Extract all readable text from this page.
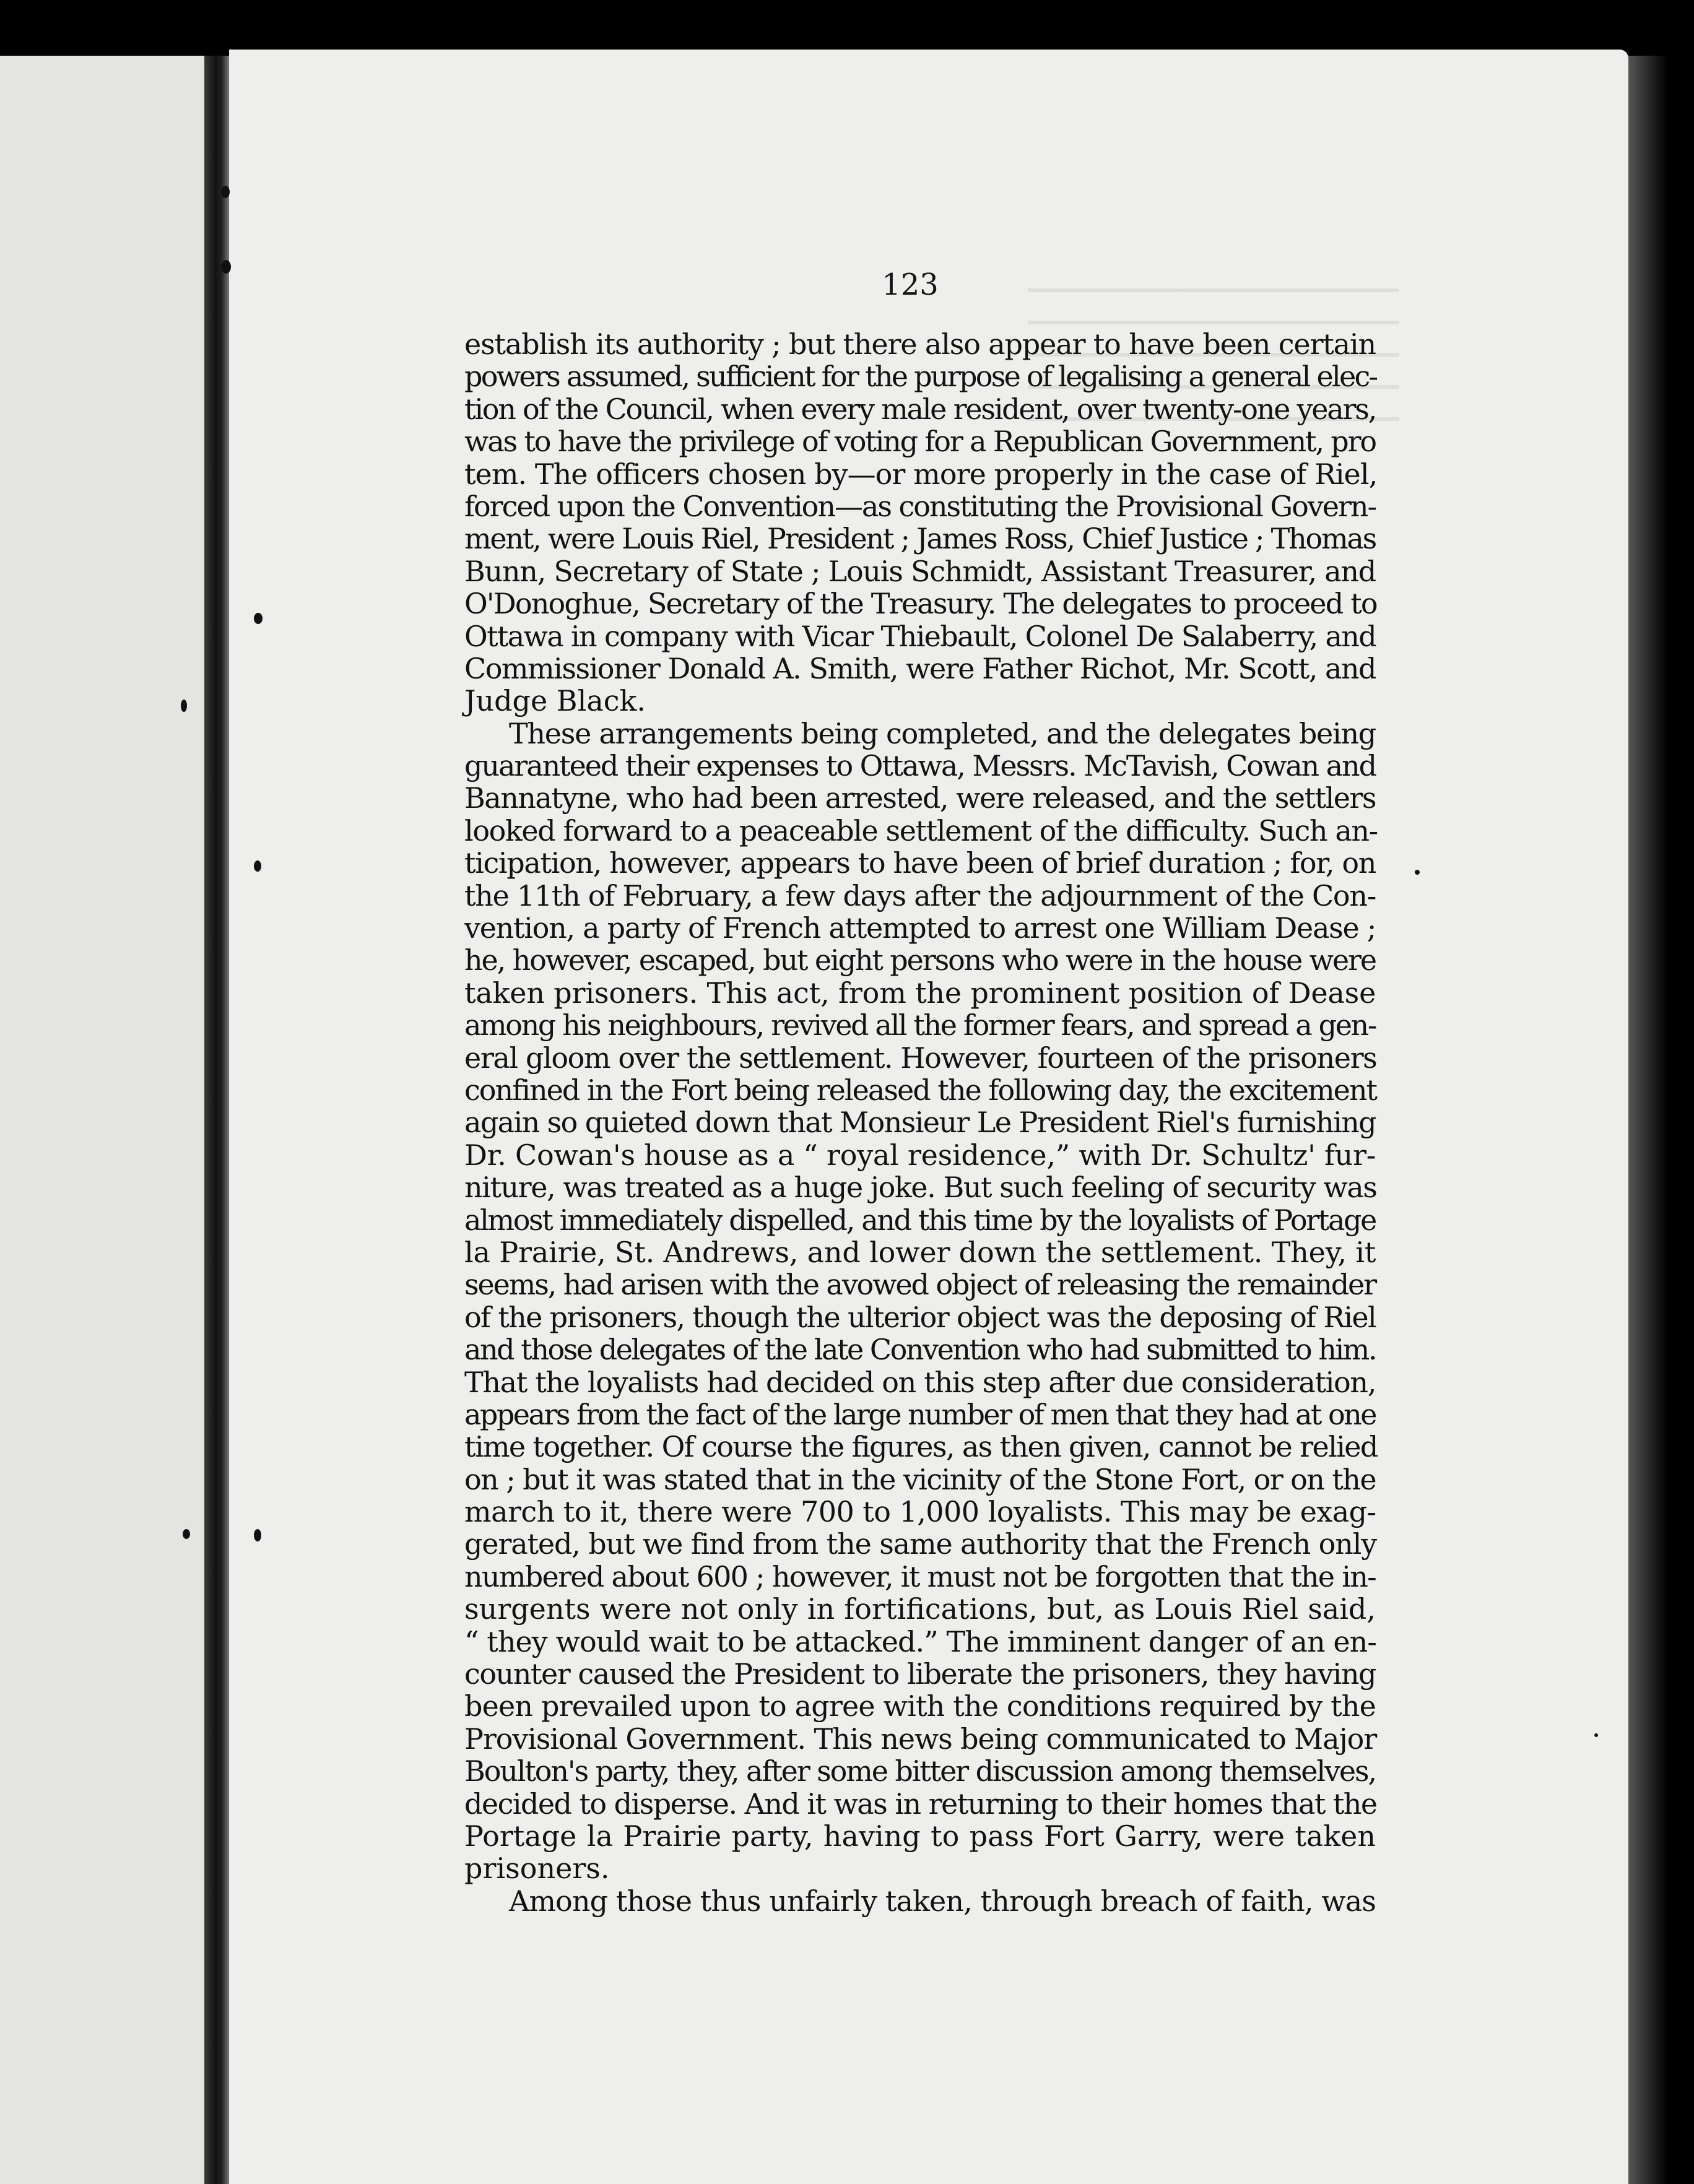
123

establish its authority ; but there also appear to have been certain
powers assumed, sufficient for the purpose of legalising a general elec-
tion of the Council, when every male resident, over twenty-one years,
was to have the privilege of voting for a Republican Government, pro
tem. The officers chosen by—or more properly in the case of Riel,
forced upon the Convention—as constituting the Provisional Govern-
ment, were Louis Riel, President ; James Ross, Chief Justice ; Thomas
Bunn, Secretary of State ; Louis Schmidt, Assistant Treasurer, and
O'Donoghue, Secretary of the Treasury. The delegates to proceed to
Ottawa in company with Vicar Thiebault, Colonel De Salaberry, and
Commissioner Donald A. Smith, were Father Richot, Mr. Scott, and
Judge Black.

These arrangements being completed, and the delegates being
guaranteed their expenses to Ottawa, Messrs. McTavish, Cowan and
Bannatyne, who had been arrested, were released, and the settlers
looked forward to a peaceable settlement of the difficulty. Such an-
ticipation, however, appears to have been of brief duration ; for, on
the 11th of February, a few days after the adjournment of the Con-
vention, a party of French attempted to arrest one William Dease ;
he, however, escaped, but eight persons who were in the house were
taken prisoners. This act, from the prominent position of Dease
among his neighbours, revived all the former fears, and spread a gen-
eral gloom over the settlement. However, fourteen of the prisoners
confined in the Fort being released the following day, the excitement
again so quieted down that Monsieur Le President Riel's furnishing
Dr. Cowan's house as a “ royal residence,” with Dr. Schultz' fur-
niture, was treated as a huge joke. But such feeling of security was
almost immediately dispelled, and this time by the loyalists of Portage
la Prairie, St. Andrews, and lower down the settlement. They, it
seems, had arisen with the avowed object of releasing the remainder
of the prisoners, though the ulterior object was the deposing of Riel
and those delegates of the late Convention who had submitted to him.
That the loyalists had decided on this step after due consideration,
appears from the fact of the large number of men that they had at one
time together. Of course the figures, as then given, cannot be relied
on ; but it was stated that in the vicinity of the Stone Fort, or on the
march to it, there were 700 to 1,000 loyalists. This may be exag-
gerated, but we find from the same authority that the French only
numbered about 600 ; however, it must not be forgotten that the in-
surgents were not only in fortifications, but, as Louis Riel said,
“ they would wait to be attacked.” The imminent danger of an en-
counter caused the President to liberate the prisoners, they having
been prevailed upon to agree with the conditions required by the
Provisional Government. This news being communicated to Major
Boulton's party, they, after some bitter discussion among themselves,
decided to disperse. And it was in returning to their homes that the
Portage la Prairie party, having to pass Fort Garry, were taken
prisoners.

Among those thus unfairly taken, through breach of faith, was
